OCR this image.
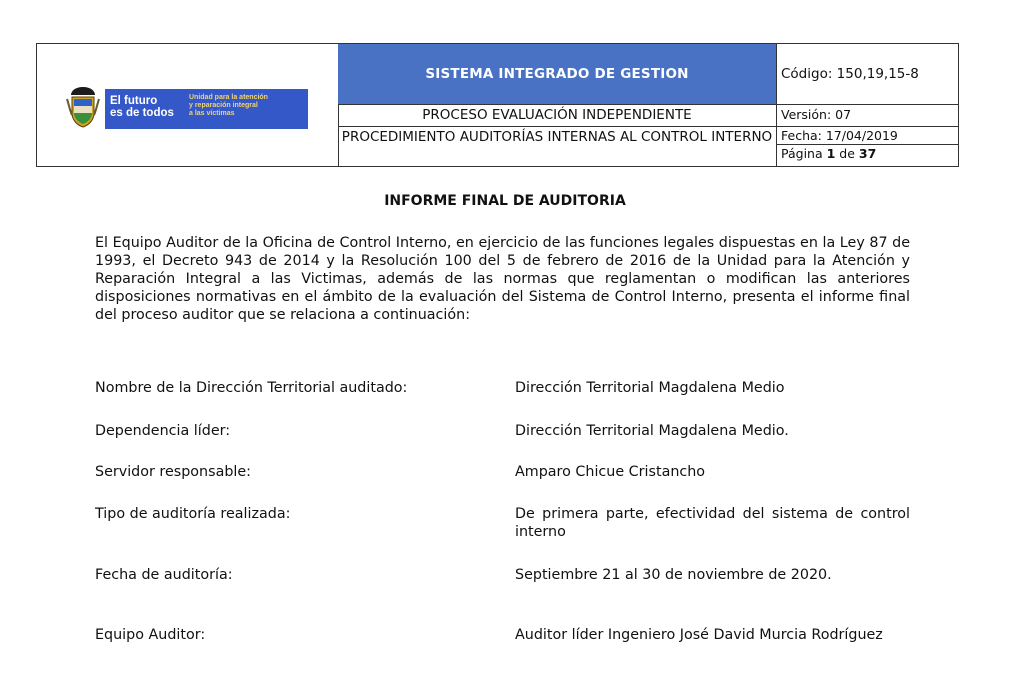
El futuro
es de todos
Unidad para la atención
y reparación integral
a las víctimas
SISTEMA INTEGRADO DE GESTION	Código: 150,19,15-8
PROCESO EVALUACIÓN INDEPENDIENTE
PROCEDIMIENTO AUDITORÍAS INTERNAS AL CONTROL INTERNO
Versión: 07
Fecha: 17/04/2019
Página 1 de 37
INFORME FINAL DE AUDITORIA
El Equipo Auditor de la Oficina de Control Interno, en ejercicio de las funciones legales dispuestas en la Ley 87 de 1993, el Decreto 943 de 2014 y la Resolución 100 del 5 de febrero de 2016 de la Unidad para la Atención y Reparación Integral a las Victimas, además de las normas que reglamentan o modifican las anteriores disposiciones normativas en el ámbito de la evaluación del Sistema de Control Interno, presenta el informe final del proceso auditor que se relaciona a continuación:
Nombre de la Dirección Territorial auditado:	Dirección Territorial Magdalena Medio
Dependencia líder:	Dirección Territorial Magdalena Medio.
Servidor responsable:	Amparo Chicue Cristancho
Tipo de auditoría realizada:	De primera parte, efectividad del sistema de control interno
Fecha de auditoría:	Septiembre 21 al 30 de noviembre de 2020.
Equipo Auditor:	Auditor líder Ingeniero José David Murcia Rodríguez
